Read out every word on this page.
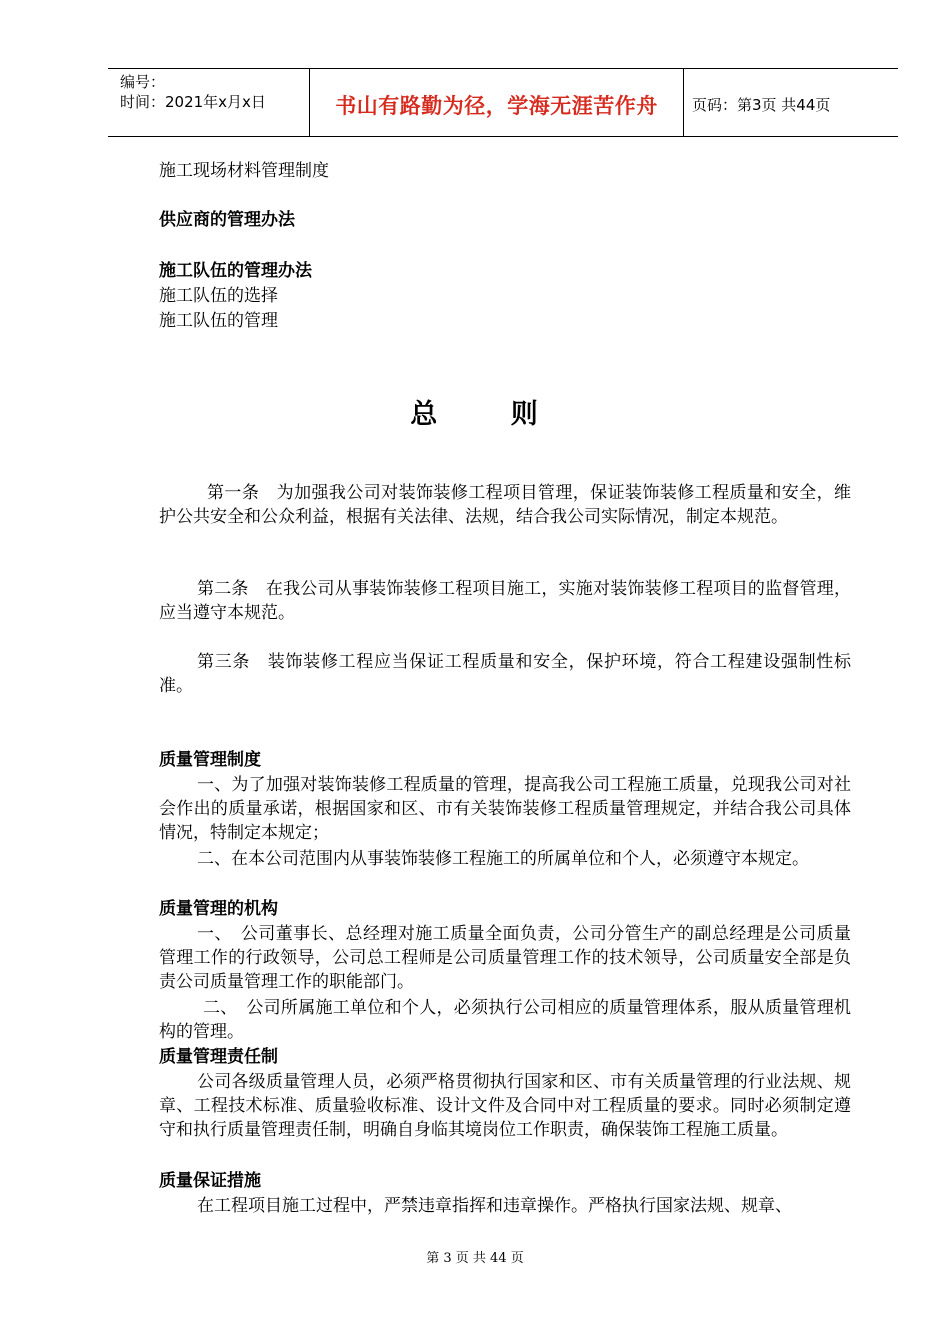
编号：
时间：2021年x月x日	书山有路勤为径，学海无涯苦作舟	页码：第3页 共44页
施工现场材料管理制度
供应商的管理办法
施工队伍的管理办法
施工队伍的选择
施工队伍的管理
总	则
第一条　为加强我公司对装饰装修工程项目管理，保证装饰装修工程质量和安全，维护公共安全和公众利益，根据有关法律、法规，结合我公司实际情况，制定本规范。
第二条　在我公司从事装饰装修工程项目施工，实施对装饰装修工程项目的监督管理，应当遵守本规范。
第三条　装饰装修工程应当保证工程质量和安全，保护环境，符合工程建设强制性标准。
质量管理制度
一、为了加强对装饰装修工程质量的管理，提高我公司工程施工质量，兑现我公司对社会作出的质量承诺，根据国家和区、市有关装饰装修工程质量管理规定，并结合我公司具体情况，特制定本规定；
二、在本公司范围内从事装饰装修工程施工的所属单位和个人，必须遵守本规定。
质量管理的机构
一、　公司董事长、总经理对施工质量全面负责，公司分管生产的副总经理是公司质量管理工作的行政领导，公司总工程师是公司质量管理工作的技术领导，公司质量安全部是负责公司质量管理工作的职能部门。
二、　公司所属施工单位和个人，必须执行公司相应的质量管理体系，服从质量管理机构的管理。
质量管理责任制
公司各级质量管理人员，必须严格贯彻执行国家和区、市有关质量管理的行业法规、规章、工程技术标准、质量验收标准、设计文件及合同中对工程质量的要求。同时必须制定遵守和执行质量管理责任制，明确自身临其境岗位工作职责，确保装饰工程施工质量。
质量保证措施
在工程项目施工过程中，严禁违章指挥和违章操作。严格执行国家法规、规章、
第 3 页 共 44 页
